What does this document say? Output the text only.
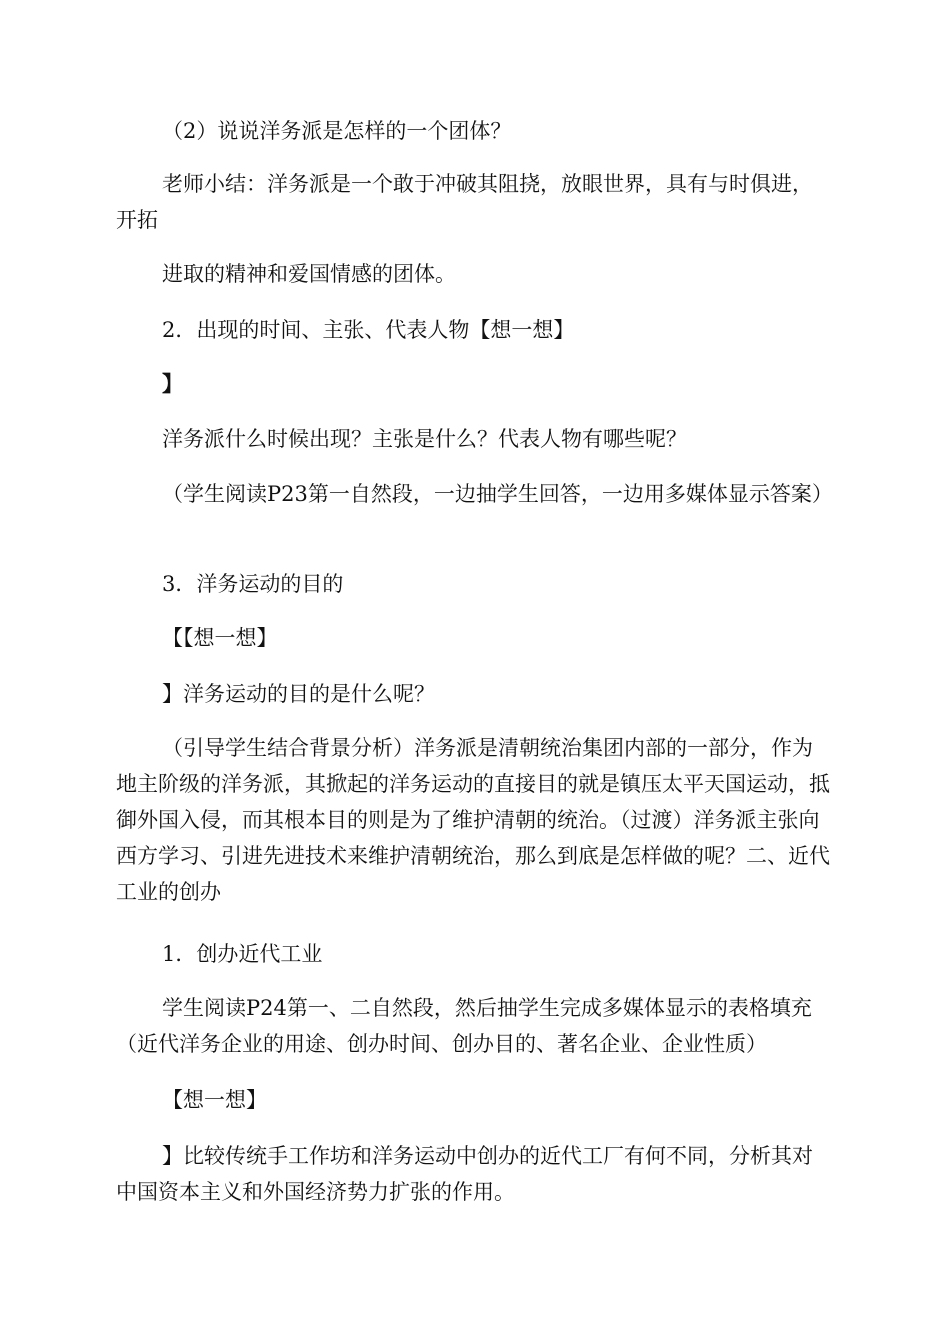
（2）说说洋务派是怎样的一个团体？

老师小结：洋务派是一个敢于冲破其阻挠，放眼世界，具有与时俱进，开拓

进取的精神和爱国情感的团体。

2．出现的时间、主张、代表人物【想一想】

】

洋务派什么时候出现？主张是什么？代表人物有哪些呢？

（学生阅读P23第一自然段，一边抽学生回答，一边用多媒体显示答案）

3．洋务运动的目的

【【想一想】

】洋务运动的目的是什么呢？

（引导学生结合背景分析）洋务派是清朝统治集团内部的一部分，作为地主阶级的洋务派，其掀起的洋务运动的直接目的就是镇压太平天国运动，抵御外国入侵，而其根本目的则是为了维护清朝的统治。（过渡）洋务派主张向西方学习、引进先进技术来维护清朝统治，那么到底是怎样做的呢？二、近代工业的创办

1．创办近代工业

学生阅读P24第一、二自然段，然后抽学生完成多媒体显示的表格填充（近代洋务企业的用途、创办时间、创办目的、著名企业、企业性质）

【想一想】

】比较传统手工作坊和洋务运动中创办的近代工厂有何不同，分析其对中国资本主义和外国经济势力扩张的作用。
